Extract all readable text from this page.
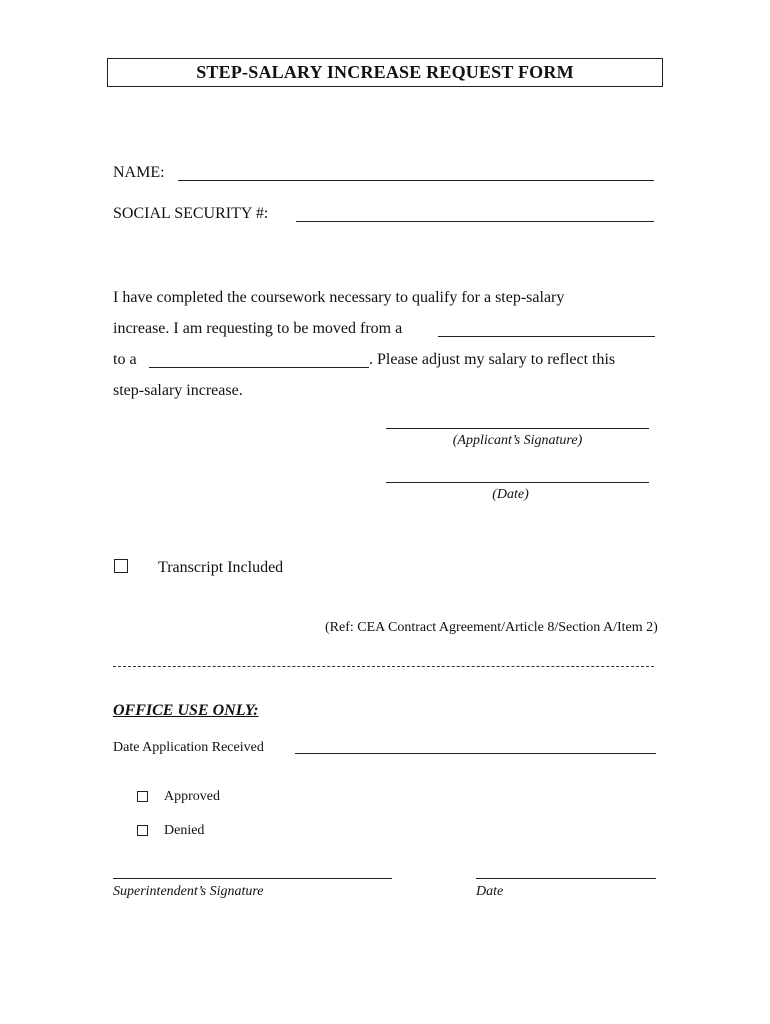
STEP-SALARY INCREASE REQUEST FORM
NAME:
SOCIAL SECURITY #:
I have completed the coursework necessary to qualify for a step-salary
increase. I am requesting to be moved from a
to a	. Please adjust my salary to reflect this
step-salary increase.
(Applicant’s Signature)
(Date)
Transcript Included
(Ref: CEA Contract Agreement/Article 8/Section A/Item 2)
OFFICE USE ONLY:
Date Application Received
Approved
Denied
Superintendent’s Signature	Date
